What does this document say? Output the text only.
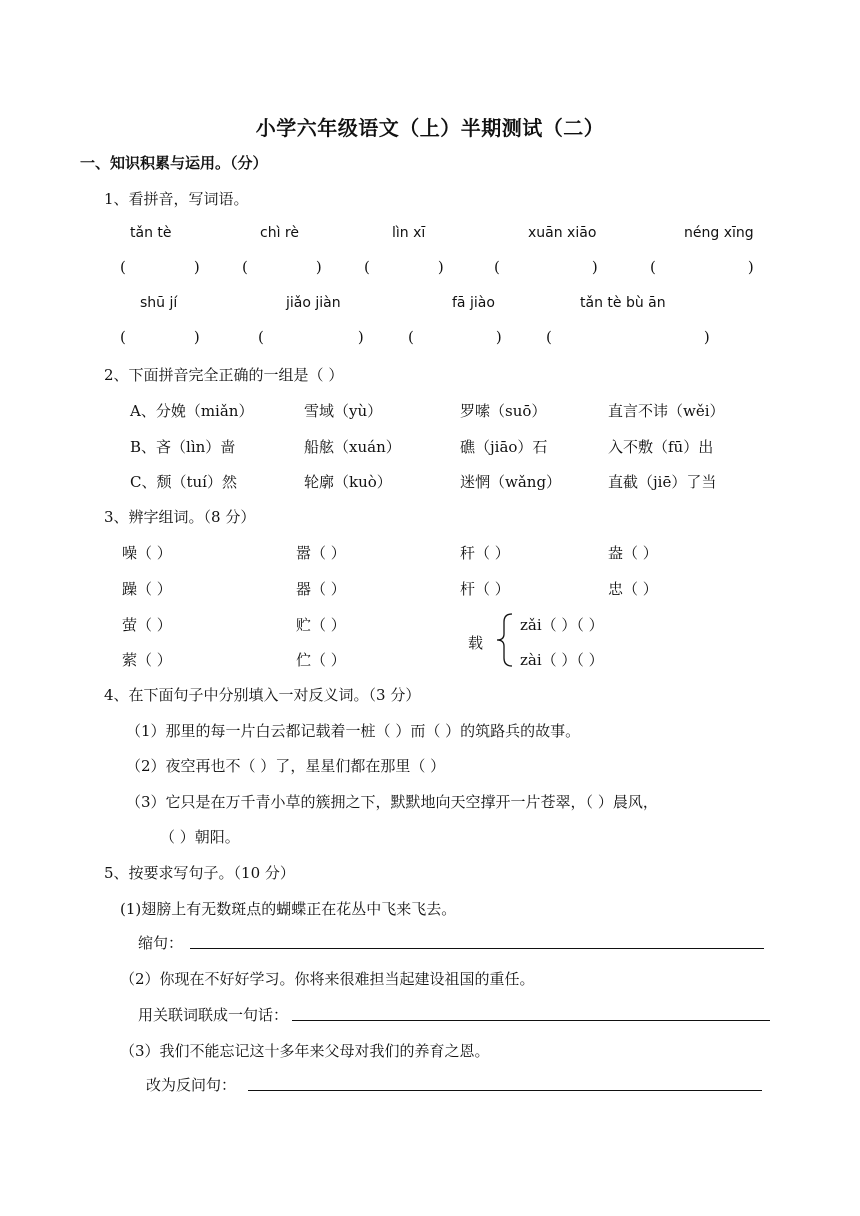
小学六年级语文（上）半期测试（二）
一、知识积累与运用。（分）
1、看拼音，写词语。
tǎn tè	chì rè	lìn xī	xuān xiāo	néng xīng
(	)	(	)	(	)	(	)	(	)
shū jí	jiǎo jiàn	fā jiào	tǎn tè bù ān
(	)	(	)	(	)	(	)
2、下面拼音完全正确的一组是（ ）
A、分娩（miǎn）	雪域（yù）	罗嗦（suō）	直言不讳（wěi）
B、吝（lìn）啬	船舷（xuán）	礁（jiāo）石	入不敷（fū）出
C、颓（tuí）然	轮廓（kuò）	迷惘（wǎng）	直截（jiē）了当
3、辨字组词。（8 分）
噪（ ）	嚣（ ）	秆（ ）	盎（ ）
躁（ ）	器（ ）	杆（ ）	忠（ ）
萤（ ）	贮（ ）
萦（ ）	伫（ ）
载
zǎi（ ）（ ）
zài（ ）（ ）
4、在下面句子中分别填入一对反义词。（3 分）
（1）那里的每一片白云都记载着一桩（ ）而（ ）的筑路兵的故事。
（2）夜空再也不（ ）了，星星们都在那里（ ）
（3）它只是在万千青小草的簇拥之下，默默地向天空撑开一片苍翠，（ ）晨风，
（ ）朝阳。
5、按要求写句子。（10 分）
(1)翅膀上有无数斑点的蝴蝶正在花丛中飞来飞去。
缩句：
（2）你现在不好好学习。你将来很难担当起建设祖国的重任。
用关联词联成一句话：
（3）我们不能忘记这十多年来父母对我们的养育之恩。
改为反问句：
